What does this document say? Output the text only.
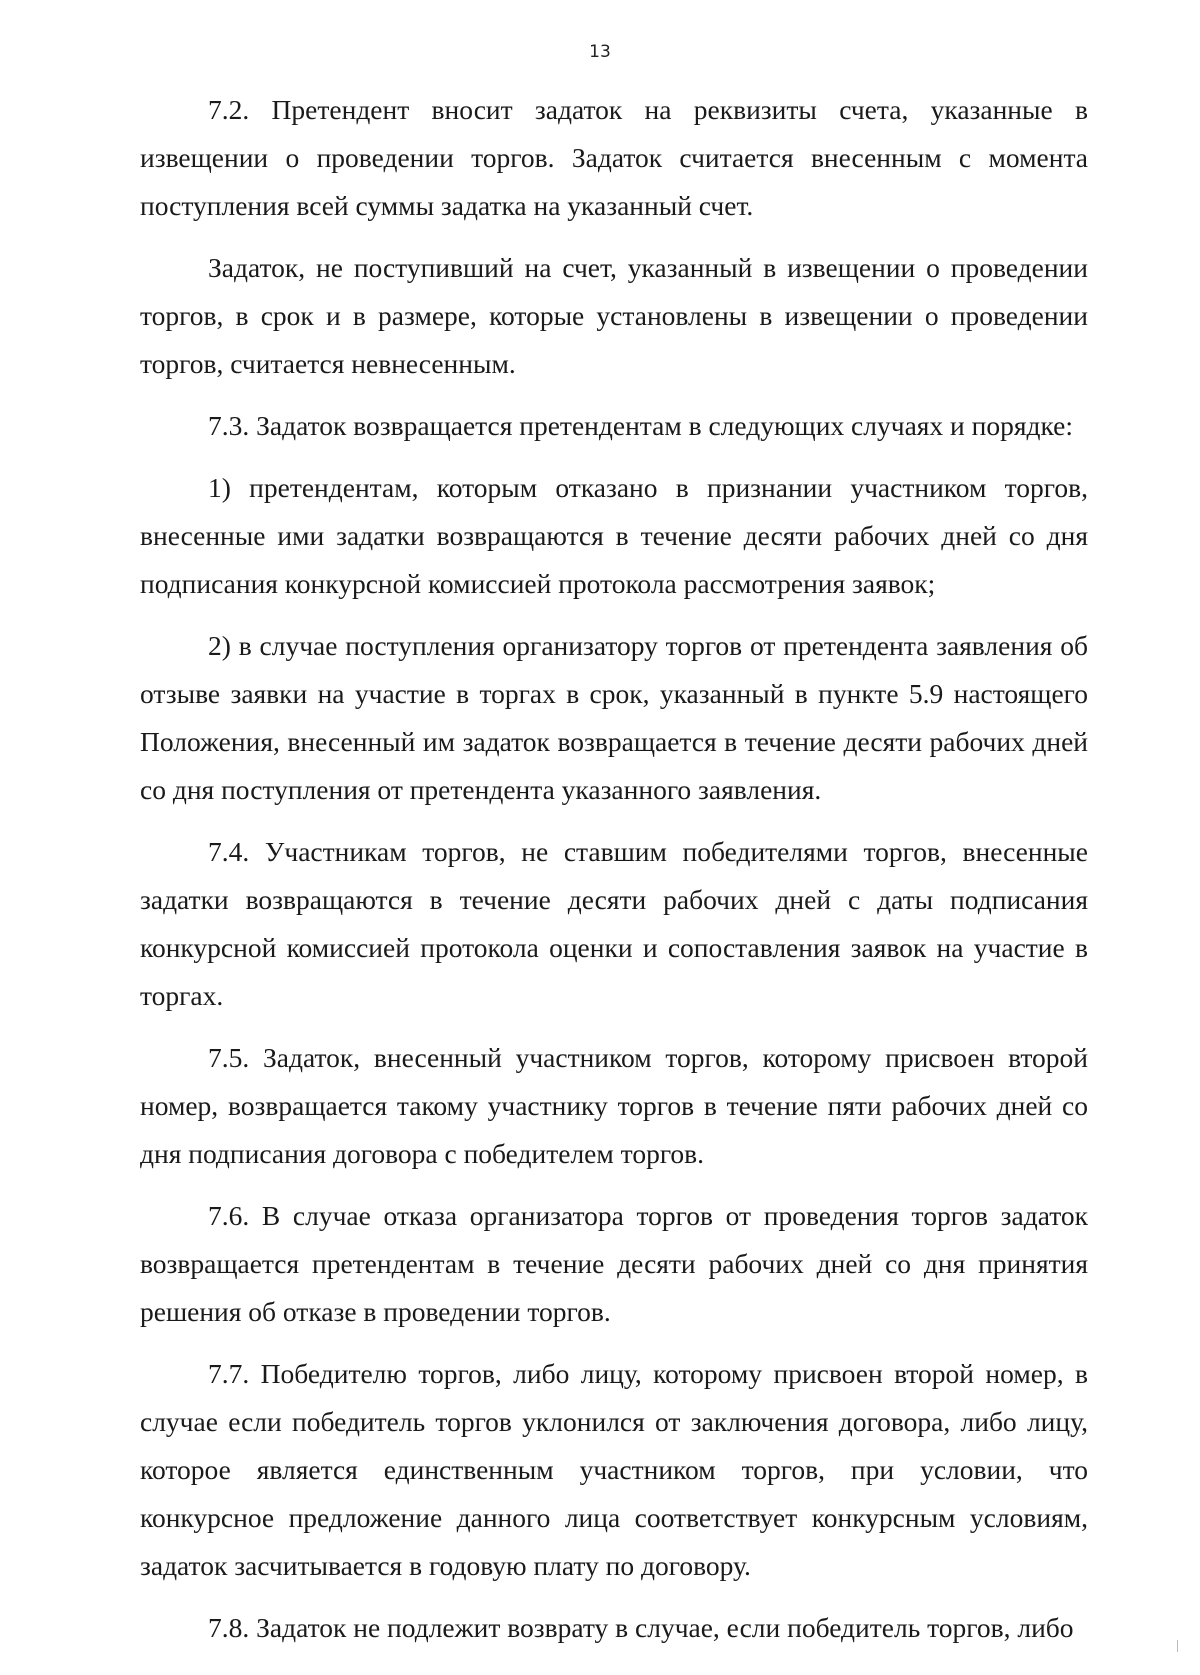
13

7.2. Претендент вносит задаток на реквизиты счета, указанные в извещении о проведении торгов. Задаток считается внесенным с момента поступления всей суммы задатка на указанный счет.

Задаток, не поступивший на счет, указанный в извещении о проведении торгов, в срок и в размере, которые установлены в извещении о проведении торгов, считается невнесенным.

7.3. Задаток возвращается претендентам в следующих случаях и порядке:

1) претендентам, которым отказано в признании участником торгов, внесенные ими задатки возвращаются в течение десяти рабочих дней со дня подписания конкурсной комиссией протокола рассмотрения заявок;

2) в случае поступления организатору торгов от претендента заявления об отзыве заявки на участие в торгах в срок, указанный в пункте 5.9 настоящего Положения, внесенный им задаток возвращается в течение десяти рабочих дней со дня поступления от претендента указанного заявления.

7.4. Участникам торгов, не ставшим победителями торгов, внесенные задатки возвращаются в течение десяти рабочих дней с даты подписания конкурсной комиссией протокола оценки и сопоставления заявок на участие в торгах.

7.5. Задаток, внесенный участником торгов, которому присвоен второй номер, возвращается такому участнику торгов в течение пяти рабочих дней со дня подписания договора с победителем торгов.

7.6. В случае отказа организатора торгов от проведения торгов задаток возвращается претендентам в течение десяти рабочих дней со дня принятия решения об отказе в проведении торгов.

7.7. Победителю торгов, либо лицу, которому присвоен второй номер, в случае если победитель торгов уклонился от заключения договора, либо лицу, которое является единственным участником торгов, при условии, что конкурсное предложение данного лица соответствует конкурсным условиям, задаток засчитывается в годовую плату по договору.

7.8. Задаток не подлежит возврату в случае, если победитель торгов, либо
